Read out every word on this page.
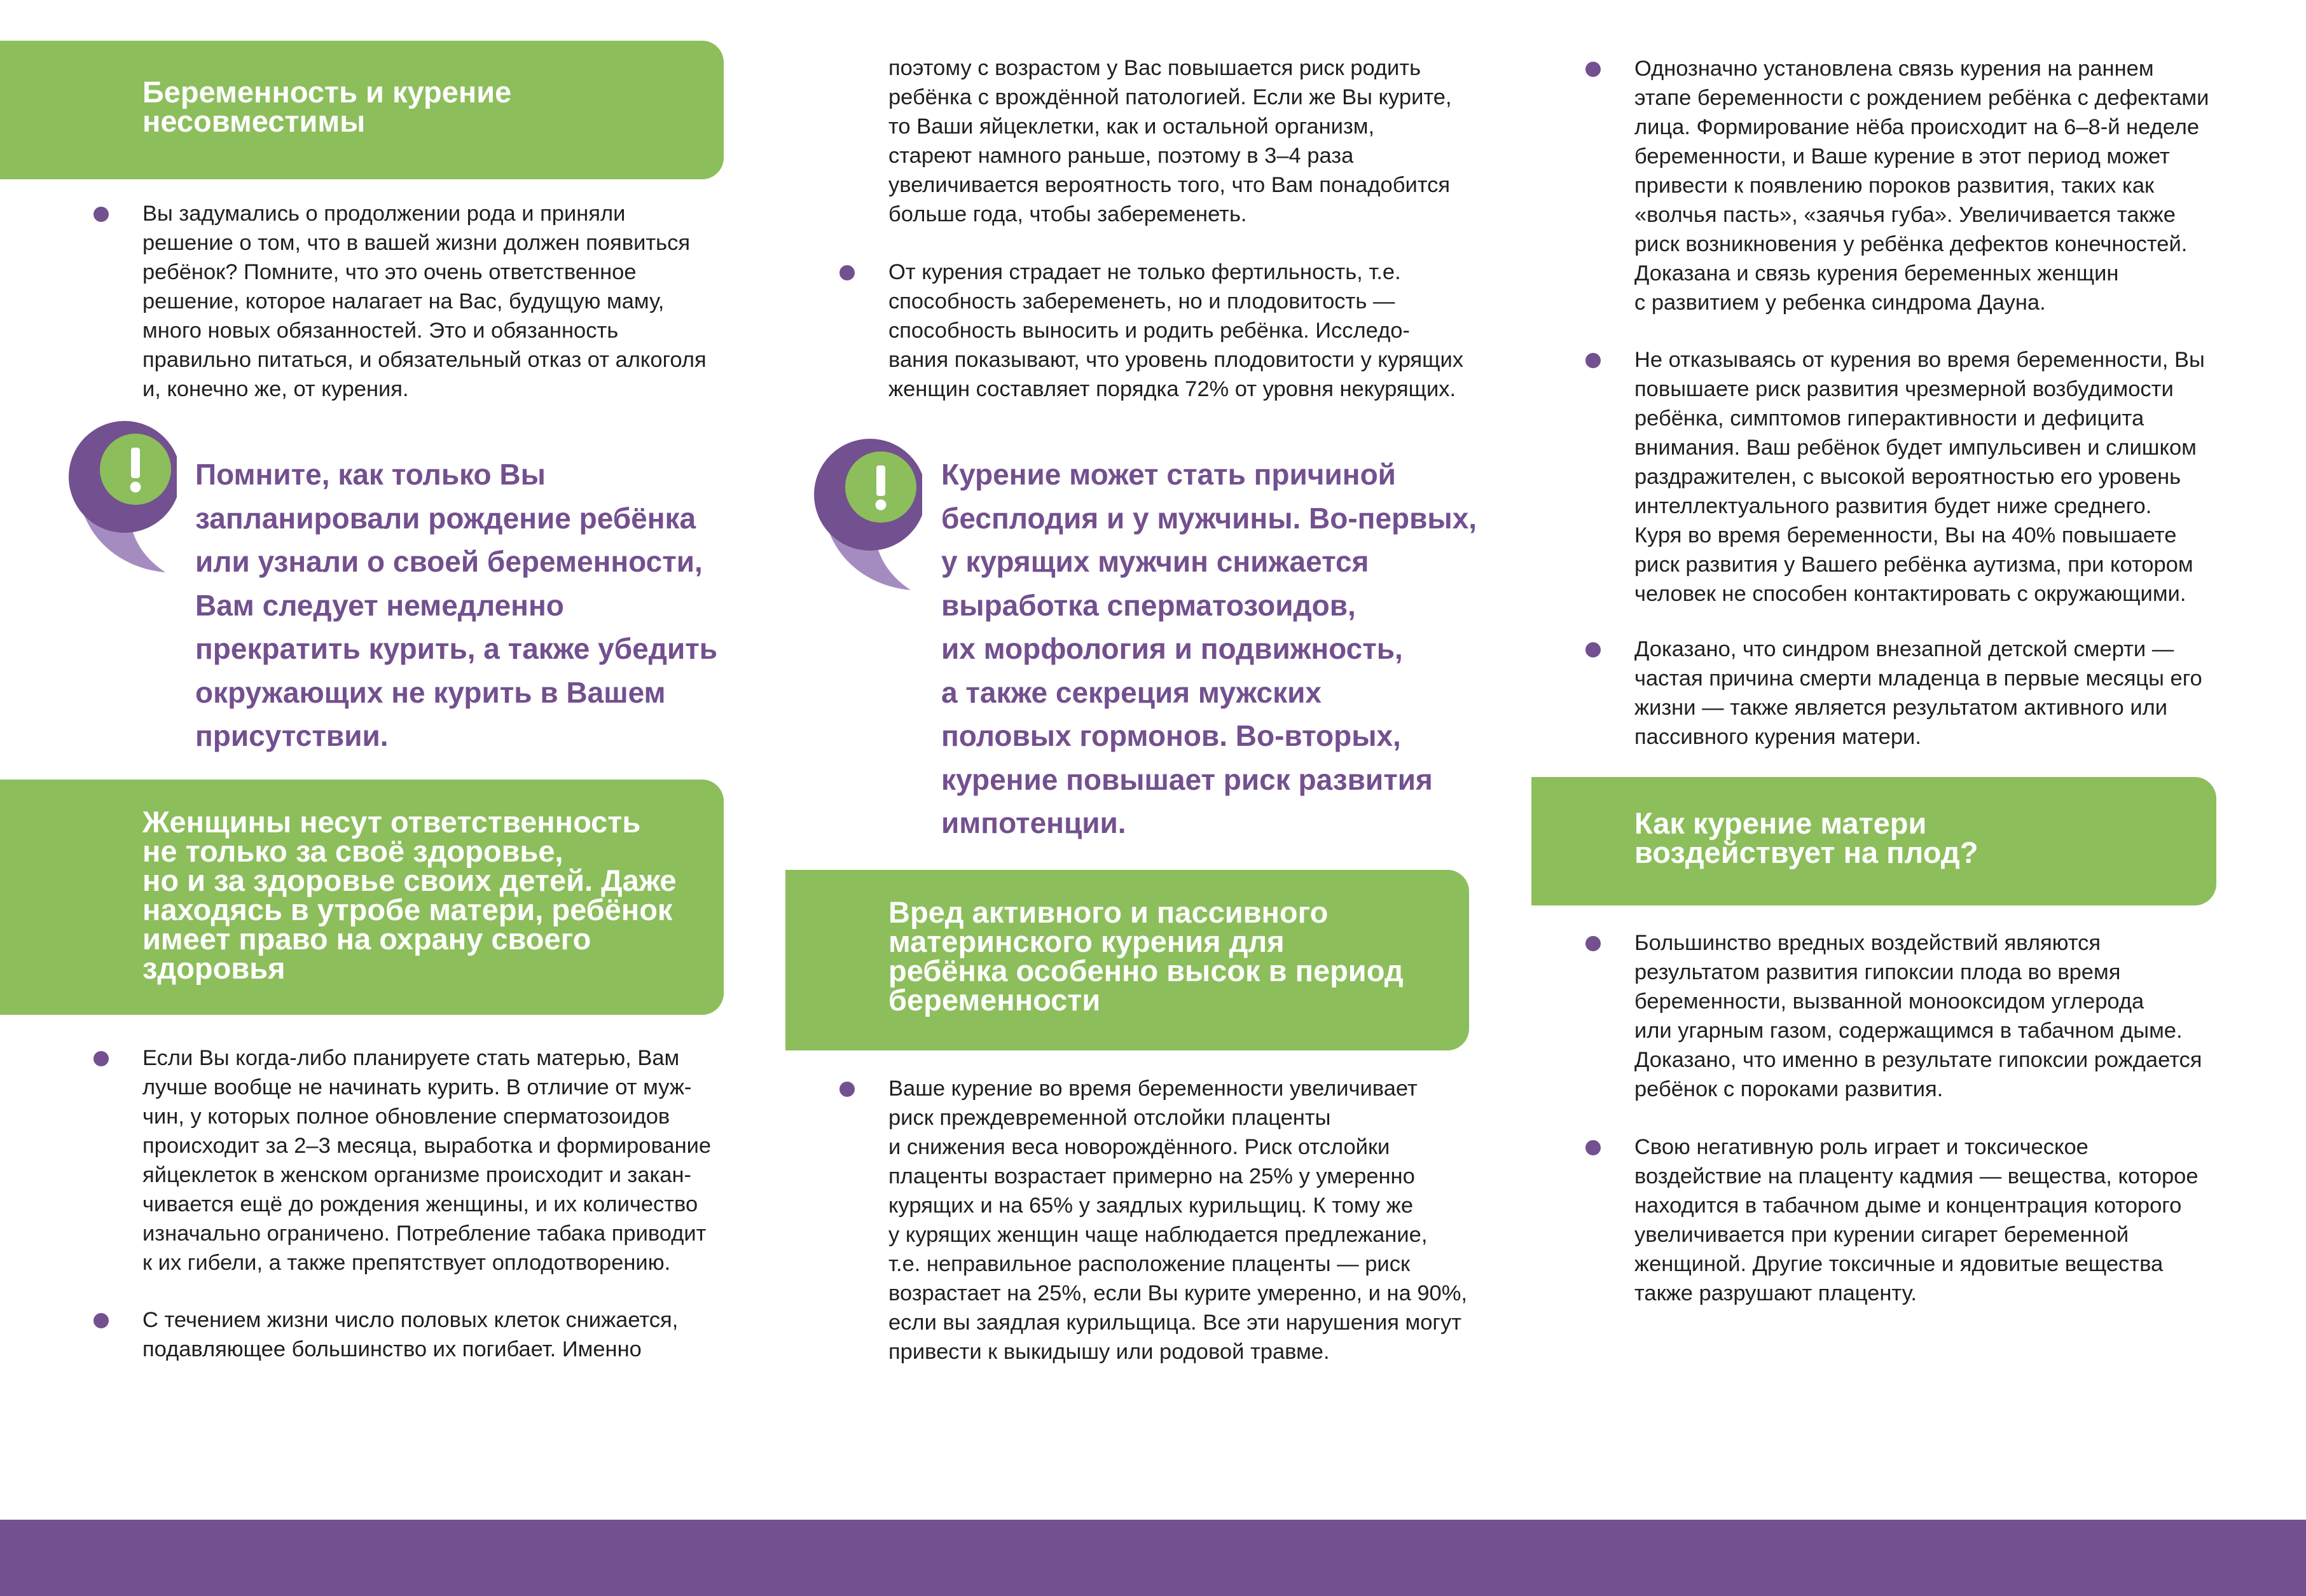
Беременность и курение
несовместимы
Вы задумались о продолжении рода и приняли
решение о том, что в вашей жизни должен появиться
ребёнок? Помните, что это очень ответственное
решение, которое налагает на Вас, будущую маму,
много новых обязанностей. Это и обязанность
правильно питаться, и обязательный отказ от алкоголя
и, конечно же, от курения.
Помните, как только Вы
запланировали рождение ребёнка
или узнали о своей беременности,
Вам следует немедленно
прекратить курить, а также убедить
окружающих не курить в Вашем
присутствии.
Женщины несут ответственность
не только за своё здоровье,
но и за здоровье своих детей. Даже
находясь в утробе матери, ребёнок
имеет право на охрану своего
здоровья
Если Вы когда-либо планируете стать матерью, Вам
лучше вообще не начинать курить. В отличие от муж-
чин, у которых полное обновление сперматозоидов
происходит за 2–3 месяца, выработка и формирование
яйцеклеток в женском организме происходит и закан-
чивается ещё до рождения женщины, и их количество
изначально ограничено. Потребление табака приводит
к их гибели, а также препятствует оплодотворению.
С течением жизни число половых клеток снижается,
подавляющее большинство их погибает. Именно
поэтому с возрастом у Вас повышается риск родить
ребёнка с врождённой патологией. Если же Вы курите,
то Ваши яйцеклетки, как и остальной организм,
стареют намного раньше, поэтому в 3–4 раза
увеличивается вероятность того, что Вам понадобится
больше года, чтобы забеременеть.
От курения страдает не только фертильность, т.е.
способность забеременеть, но и плодовитость —
способность выносить и родить ребёнка. Исследо-
вания показывают, что уровень плодовитости у курящих
женщин составляет порядка 72% от уровня некурящих.
Курение может стать причиной
бесплодия и у мужчины. Во-первых,
у курящих мужчин снижается
выработка сперматозоидов,
их морфология и подвижность,
а также секреция мужских
половых гормонов. Во-вторых,
курение повышает риск развития
импотенции.
Вред активного и пассивного
материнского курения для
ребёнка особенно высок в период
беременности
Ваше курение во время беременности увеличивает
риск преждевременной отслойки плаценты
и снижения веса новорождённого. Риск отслойки
плаценты возрастает примерно на 25% у умеренно
курящих и на 65% у заядлых курильщиц. К тому же
у курящих женщин чаще наблюдается предлежание,
т.е. неправильное расположение плаценты — риск
возрастает на 25%, если Вы курите умеренно, и на 90%,
если вы заядлая курильщица. Все эти нарушения могут
привести к выкидышу или родовой травме.
Однозначно установлена связь курения на раннем
этапе беременности с рождением ребёнка с дефектами
лица. Формирование нёба происходит на 6–8-й неделе
беременности, и Ваше курение в этот период может
привести к появлению пороков развития, таких как
«волчья пасть», «заячья губа». Увеличивается также
риск возникновения у ребёнка дефектов конечностей.
Доказана и связь курения беременных женщин
с развитием у ребенка синдрома Дауна.
Не отказываясь от курения во время беременности, Вы
повышаете риск развития чрезмерной возбудимости
ребёнка, симптомов гиперактивности и дефицита
внимания. Ваш ребёнок будет импульсивен и слишком
раздражителен, с высокой вероятностью его уровень
интеллектуального развития будет ниже среднего.
Куря во время беременности, Вы на 40% повышаете
риск развития у Вашего ребёнка аутизма, при котором
человек не способен контактировать с окружающими.
Доказано, что синдром внезапной детской смерти —
частая причина смерти младенца в первые месяцы его
жизни — также является результатом активного или
пассивного курения матери.
Как курение матери
воздействует на плод?
Большинство вредных воздействий являются
результатом развития гипоксии плода во время
беременности, вызванной монооксидом углерода
или угарным газом, содержащимся в табачном дыме.
Доказано, что именно в результате гипоксии рождается
ребёнок с пороками развития.
Свою негативную роль играет и токсическое
воздействие на плаценту кадмия — вещества, которое
находится в табачном дыме и концентрация которого
увеличивается при курении сигарет беременной
женщиной. Другие токсичные и ядовитые вещества
также разрушают плаценту.
